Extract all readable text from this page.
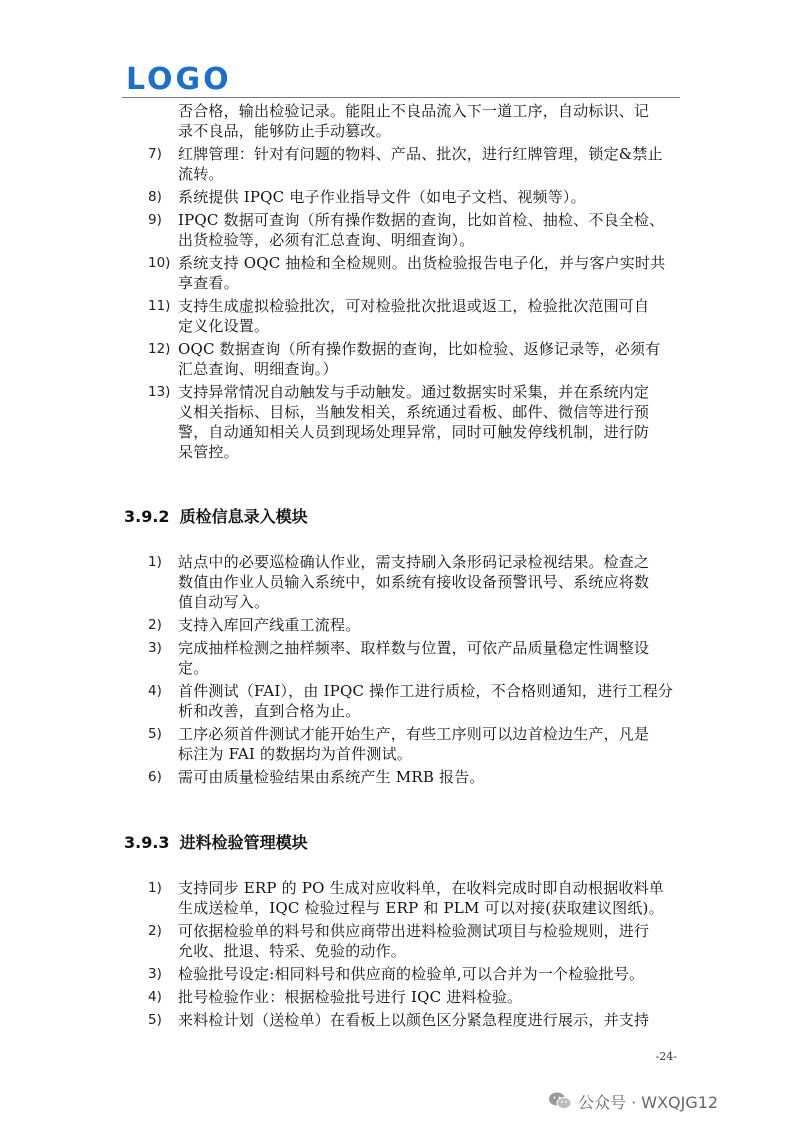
LOGO
否合格，输出检验记录。能阻止不良品流入下一道工序，自动标识、记
录不良品，能够防止手动篡改。
7) 红牌管理：针对有问题的物料、产品、批次，进行红牌管理，锁定&禁止
流转。
8) 系统提供 IPQC 电子作业指导文件（如电子文档、视频等）。
9) IPQC 数据可查询（所有操作数据的查询，比如首检、抽检、不良全检、
出货检验等，必须有汇总查询、明细查询）。
10) 系统支持 OQC 抽检和全检规则。出货检验报告电子化，并与客户实时共
享查看。
11) 支持生成虚拟检验批次，可对检验批次批退或返工，检验批次范围可自
定义化设置。
12) OQC 数据查询（所有操作数据的查询，比如检验、返修记录等，必须有
汇总查询、明细查询。）
13) 支持异常情况自动触发与手动触发。通过数据实时采集，并在系统内定
义相关指标、目标，当触发相关，系统通过看板、邮件、微信等进行预
警，自动通知相关人员到现场处理异常，同时可触发停线机制，进行防
呆管控。
3.9.2 质检信息录入模块
1) 站点中的必要巡检确认作业，需支持刷入条形码记录检视结果。检查之
数值由作业人员输入系统中，如系统有接收设备预警讯号、系统应将数
值自动写入。
2) 支持入库回产线重工流程。
3) 完成抽样检测之抽样频率、取样数与位置，可依产品质量稳定性调整设
定。
4) 首件测试（FAI），由 IPQC 操作工进行质检，不合格则通知，进行工程分
析和改善，直到合格为止。
5) 工序必须首件测试才能开始生产，有些工序则可以边首检边生产，凡是
标注为 FAI 的数据均为首件测试。
6) 需可由质量检验结果由系统产生 MRB 报告。
3.9.3 进料检验管理模块
1) 支持同步 ERP 的 PO 生成对应收料单，在收料完成时即自动根据收料单
生成送检单，IQC 检验过程与 ERP 和 PLM 可以对接(获取建议图纸)。
2) 可依据检验单的料号和供应商带出进料检验测试项目与检验规则，进行
允收、批退、特采、免验的动作。
3) 检验批号设定:相同料号和供应商的检验单,可以合并为一个检验批号。
4) 批号检验作业：根据检验批号进行 IQC 进料检验。
5) 来料检计划（送检单）在看板上以颜色区分紧急程度进行展示，并支持
-24-
公众号 · WXQJG12
